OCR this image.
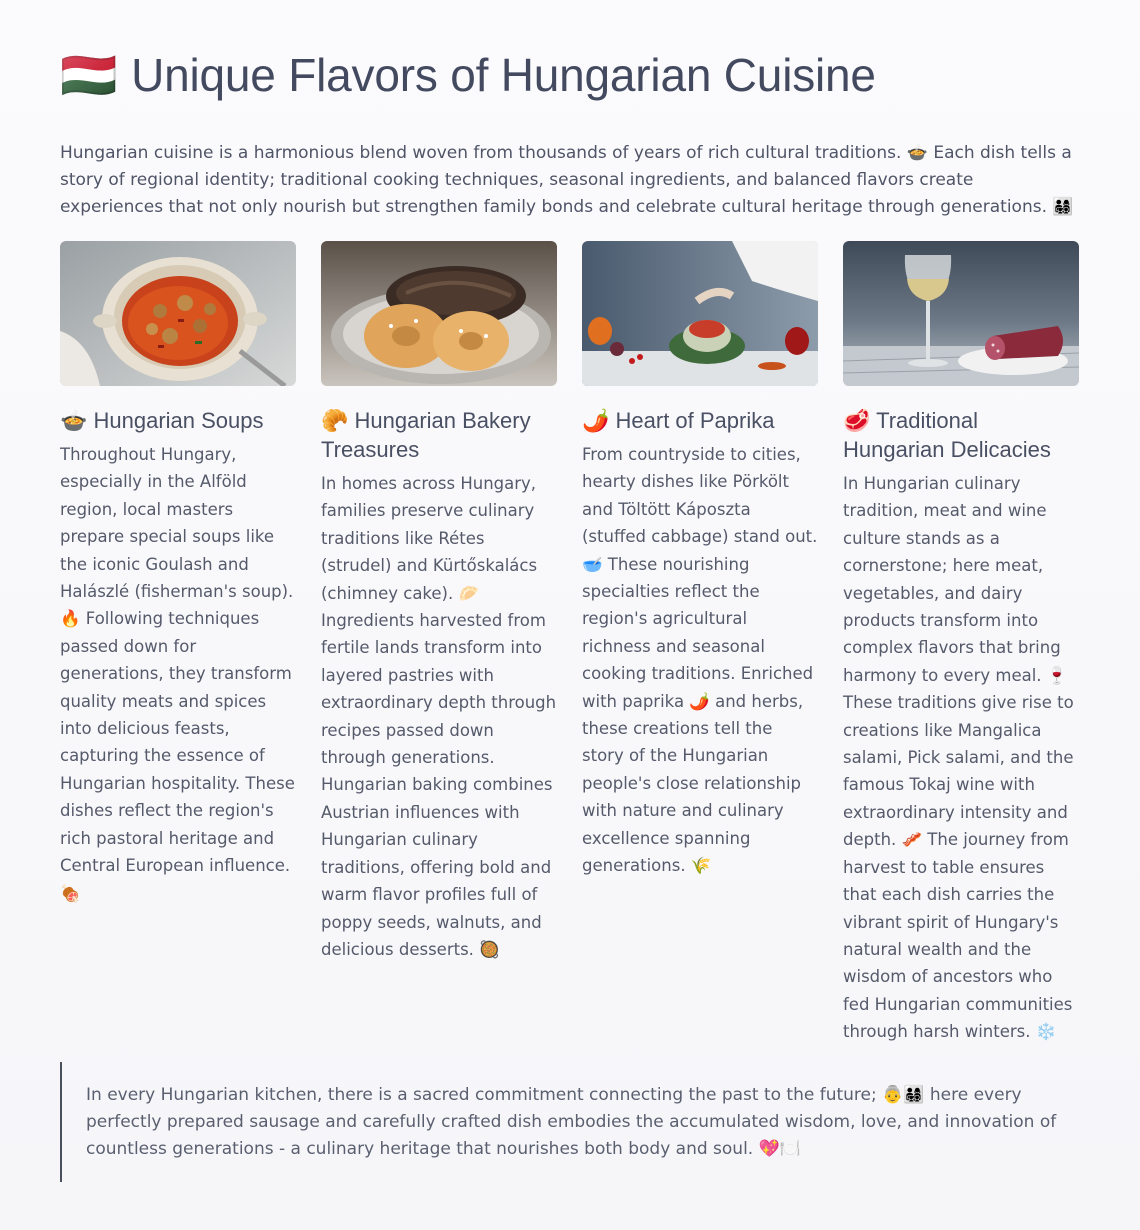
🇭🇺 Unique Flavors of Hungarian Cuisine

Hungarian cuisine is a harmonious blend woven from thousands of years of rich cultural traditions. 🍲 Each dish tells a story of regional identity; traditional cooking techniques, seasonal ingredients, and balanced flavors create experiences that not only nourish but strengthen family bonds and celebrate cultural heritage through generations. 👨‍👩‍👧‍👦

🍲 Hungarian Soups

Throughout Hungary, especially in the Alföld region, local masters prepare special soups like the iconic Goulash and Halászlé (fisherman's soup). 🔥 Following techniques passed down for generations, they transform quality meats and spices into delicious feasts, capturing the essence of Hungarian hospitality. These dishes reflect the region's rich pastoral heritage and Central European influence. 🍖

🥐 Hungarian Bakery Treasures

In homes across Hungary, families preserve culinary traditions like Rétes (strudel) and Kürtőskalács (chimney cake). 🥟 Ingredients harvested from fertile lands transform into layered pastries with extraordinary depth through recipes passed down through generations. Hungarian baking combines Austrian influences with Hungarian culinary traditions, offering bold and warm flavor profiles full of poppy seeds, walnuts, and delicious desserts. 🥘

🌶️ Heart of Paprika

From countryside to cities, hearty dishes like Pörkölt and Töltött Káposzta (stuffed cabbage) stand out. 🥣 These nourishing specialties reflect the region's agricultural richness and seasonal cooking traditions. Enriched with paprika 🌶️ and herbs, these creations tell the story of the Hungarian people's close relationship with nature and culinary excellence spanning generations. 🌾

🥩 Traditional Hungarian Delicacies

In Hungarian culinary tradition, meat and wine culture stands as a cornerstone; here meat, vegetables, and dairy products transform into complex flavors that bring harmony to every meal. 🍷 These traditions give rise to creations like Mangalica salami, Pick salami, and the famous Tokaj wine with extraordinary intensity and depth. 🥓 The journey from harvest to table ensures that each dish carries the vibrant spirit of Hungary's natural wealth and the wisdom of ancestors who fed Hungarian communities through harsh winters. ❄️

In every Hungarian kitchen, there is a sacred commitment connecting the past to the future; 👵👨‍👩‍👧‍👦 here every perfectly prepared sausage and carefully crafted dish embodies the accumulated wisdom, love, and innovation of countless generations - a culinary heritage that nourishes both body and soul. 💖🍽️
